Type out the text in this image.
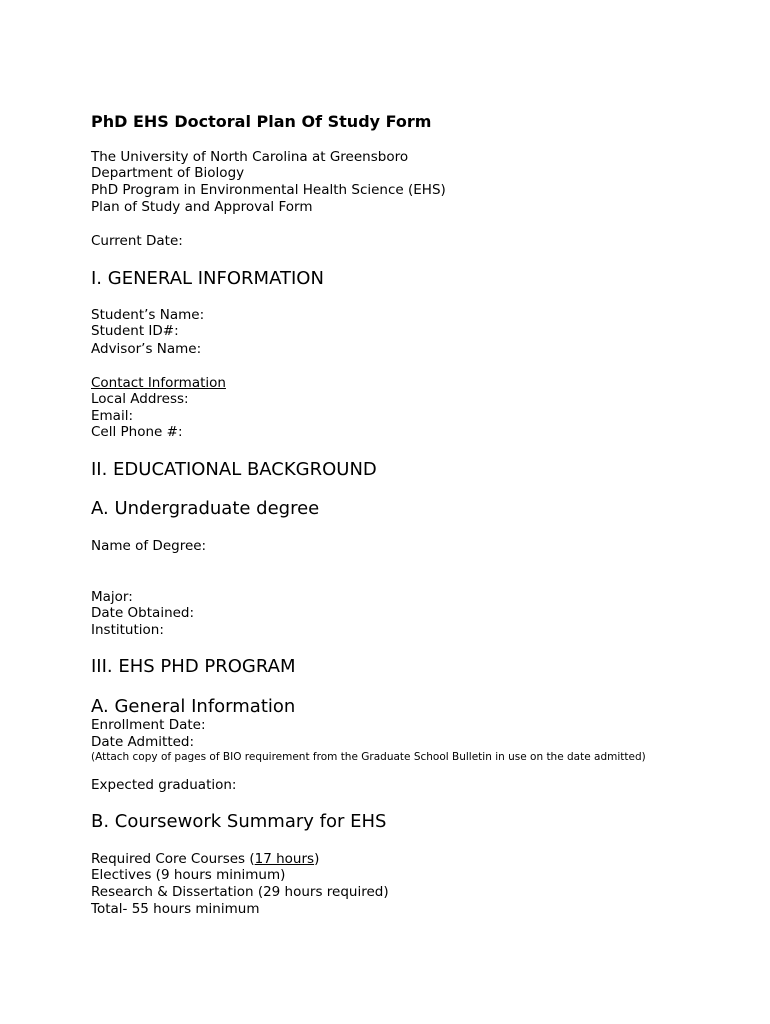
PhD EHS Doctoral Plan Of Study Form
The University of North Carolina at Greensboro
Department of Biology
PhD Program in Environmental Health Science (EHS)
Plan of Study and Approval Form
Current Date:
I. GENERAL INFORMATION
Student’s Name:
Student ID#:
Advisor’s Name:
Contact Information
Local Address:
Email:
Cell Phone #:
II. EDUCATIONAL BACKGROUND
A. Undergraduate degree
Name of Degree:
Major:
Date Obtained:
Institution:
III. EHS PHD PROGRAM
A. General Information
Enrollment Date:
Date Admitted:
(Attach copy of pages of BIO requirement from the Graduate School Bulletin in use on the date admitted)
Expected graduation:
B. Coursework Summary for EHS
Required Core Courses (17 hours)
Electives (9 hours minimum)
Research & Dissertation (29 hours required)
Total- 55 hours minimum
